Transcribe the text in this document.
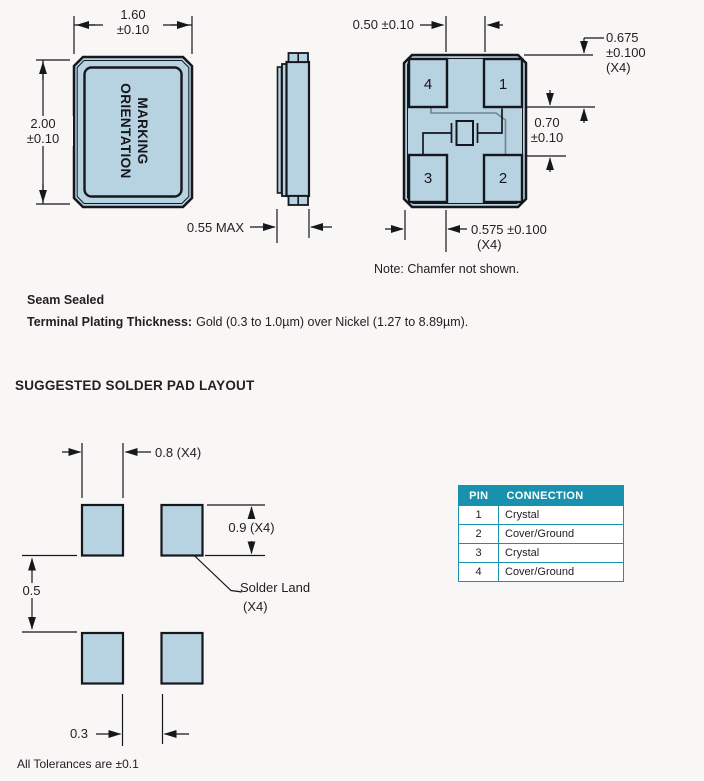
1.60
±0.10
2.00
±0.10	MARKING
ORIENTATION
0.55 MAX
0.50 ±0.10
0.675
±0.100
(X4)
0.70
±0.10
0.575 ±0.100
(X4)
4	1
3	2
Note: Chamfer not shown.
Seam Sealed
Terminal Plating Thickness: Gold (0.3 to 1.0µm) over Nickel (1.27 to 8.89µm).
SUGGESTED SOLDER PAD LAYOUT
0.8 (X4)
0.9 (X4)
0.5	Solder Land
(X4)
0.3
All Tolerances are ±0.1
PIN	CONNECTION
1	Crystal
2	Cover/Ground
3	Crystal
4	Cover/Ground
